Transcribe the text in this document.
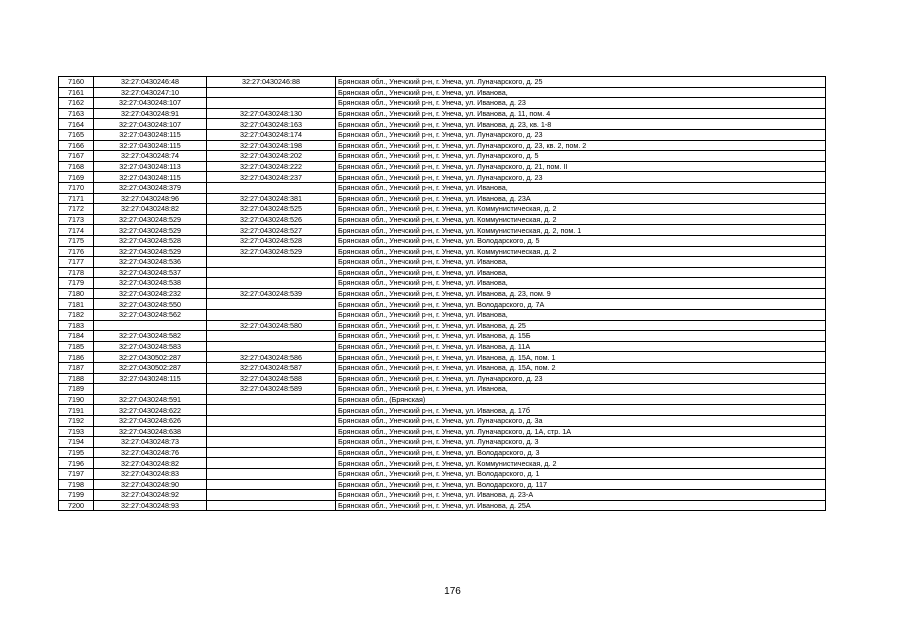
7160	32:27:0430246:48	32:27:0430246:88	Брянская обл., Унечский р-н, г. Унеча, ул. Луначарского, д. 25
7161	32:27:0430247:10		Брянская обл., Унечский р-н, г. Унеча, ул. Иванова,
7162	32:27:0430248:107		Брянская обл., Унечский р-н, г. Унеча, ул. Иванова, д. 23
7163	32:27:0430248:91	32:27:0430248:130	Брянская обл., Унечский р-н, г. Унеча, ул. Иванова, д. 11, пом. 4
7164	32:27:0430248:107	32:27:0430248:163	Брянская обл., Унечский р-н, г. Унеча, ул. Иванова, д. 23, кв. 1-8
7165	32:27:0430248:115	32:27:0430248:174	Брянская обл., Унечский р-н, г. Унеча, ул. Луначарского, д. 23
7166	32:27:0430248:115	32:27:0430248:198	Брянская обл., Унечский р-н, г. Унеча, ул. Луначарского, д. 23, кв. 2, пом. 2
7167	32:27:0430248:74	32:27:0430248:202	Брянская обл., Унечский р-н, г. Унеча, ул. Луначарского, д. 5
7168	32:27:0430248:113	32:27:0430248:222	Брянская обл., Унечский р-н, г. Унеча, ул. Луначарского, д. 21, пом. II
7169	32:27:0430248:115	32:27:0430248:237	Брянская обл., Унечский р-н, г. Унеча, ул. Луначарского, д. 23
7170	32:27:0430248:379		Брянская обл., Унечский р-н, г. Унеча, ул. Иванова,
7171	32:27:0430248:96	32:27:0430248:381	Брянская обл., Унечский р-н, г. Унеча, ул. Иванова, д. 23А
7172	32:27:0430248:82	32:27:0430248:525	Брянская обл., Унечский р-н, г. Унеча, ул. Коммунистическая, д. 2
7173	32:27:0430248:529	32:27:0430248:526	Брянская обл., Унечский р-н, г. Унеча, ул. Коммунистическая, д. 2
7174	32:27:0430248:529	32:27:0430248:527	Брянская обл., Унечский р-н, г. Унеча, ул. Коммунистическая, д. 2, пом. 1
7175	32:27:0430248:528	32:27:0430248:528	Брянская обл., Унечский р-н, г. Унеча, ул. Володарского, д. 5
7176	32:27:0430248:529	32:27:0430248:529	Брянская обл., Унечский р-н, г. Унеча, ул. Коммунистическая, д. 2
7177	32:27:0430248:536		Брянская обл., Унечский р-н, г. Унеча, ул. Иванова,
7178	32:27:0430248:537		Брянская обл., Унечский р-н, г. Унеча, ул. Иванова,
7179	32:27:0430248:538		Брянская обл., Унечский р-н, г. Унеча, ул. Иванова,
7180	32:27:0430248:232	32:27:0430248:539	Брянская обл., Унечский р-н, г. Унеча, ул. Иванова, д. 23, пом. 9
7181	32:27:0430248:550		Брянская обл., Унечский р-н, г. Унеча, ул. Володарского, д. 7А
7182	32:27:0430248:562		Брянская обл., Унечский р-н, г. Унеча, ул. Иванова,
7183		32:27:0430248:580	Брянская обл., Унечский р-н, г. Унеча, ул. Иванова, д. 25
7184	32:27:0430248:582		Брянская обл., Унечский р-н, г. Унеча, ул. Иванова, д. 15Б
7185	32:27:0430248:583		Брянская обл., Унечский р-н, г. Унеча, ул. Иванова, д. 11А
7186	32:27:0430502:287	32:27:0430248:586	Брянская обл., Унечский р-н, г. Унеча, ул. Иванова, д. 15А, пом. 1
7187	32:27:0430502:287	32:27:0430248:587	Брянская обл., Унечский р-н, г. Унеча, ул. Иванова, д. 15А, пом. 2
7188	32:27:0430248:115	32:27:0430248:588	Брянская обл., Унечский р-н, г. Унеча, ул. Луначарского, д. 23
7189		32:27:0430248:589	Брянская обл., Унечский р-н, г. Унеча, ул. Иванова,
7190	32:27:0430248:591		Брянская обл., (Брянская)
7191	32:27:0430248:622		Брянская обл., Унечский р-н, г. Унеча, ул. Иванова, д. 17б
7192	32:27:0430248:626		Брянская обл., Унечский р-н, г. Унеча, ул. Луначарского, д. 3а
7193	32:27:0430248:638		Брянская обл., Унечский р-н, г. Унеча, ул. Луначарского, д. 1А, стр. 1А
7194	32:27:0430248:73		Брянская обл., Унечский р-н, г. Унеча, ул. Луначарского, д. 3
7195	32:27:0430248:76		Брянская обл., Унечский р-н, г. Унеча, ул. Володарского, д. 3
7196	32:27:0430248:82		Брянская обл., Унечский р-н, г. Унеча, ул. Коммунистическая, д. 2
7197	32:27:0430248:83		Брянская обл., Унечский р-н, г. Унеча, ул. Володарского, д. 1
7198	32:27:0430248:90		Брянская обл., Унечский р-н, г. Унеча, ул. Володарского, д. 117
7199	32:27:0430248:92		Брянская обл., Унечский р-н, г. Унеча, ул. Иванова, д. 23-А
7200	32:27:0430248:93		Брянская обл., Унечский р-н, г. Унеча, ул. Иванова, д. 25А
176
